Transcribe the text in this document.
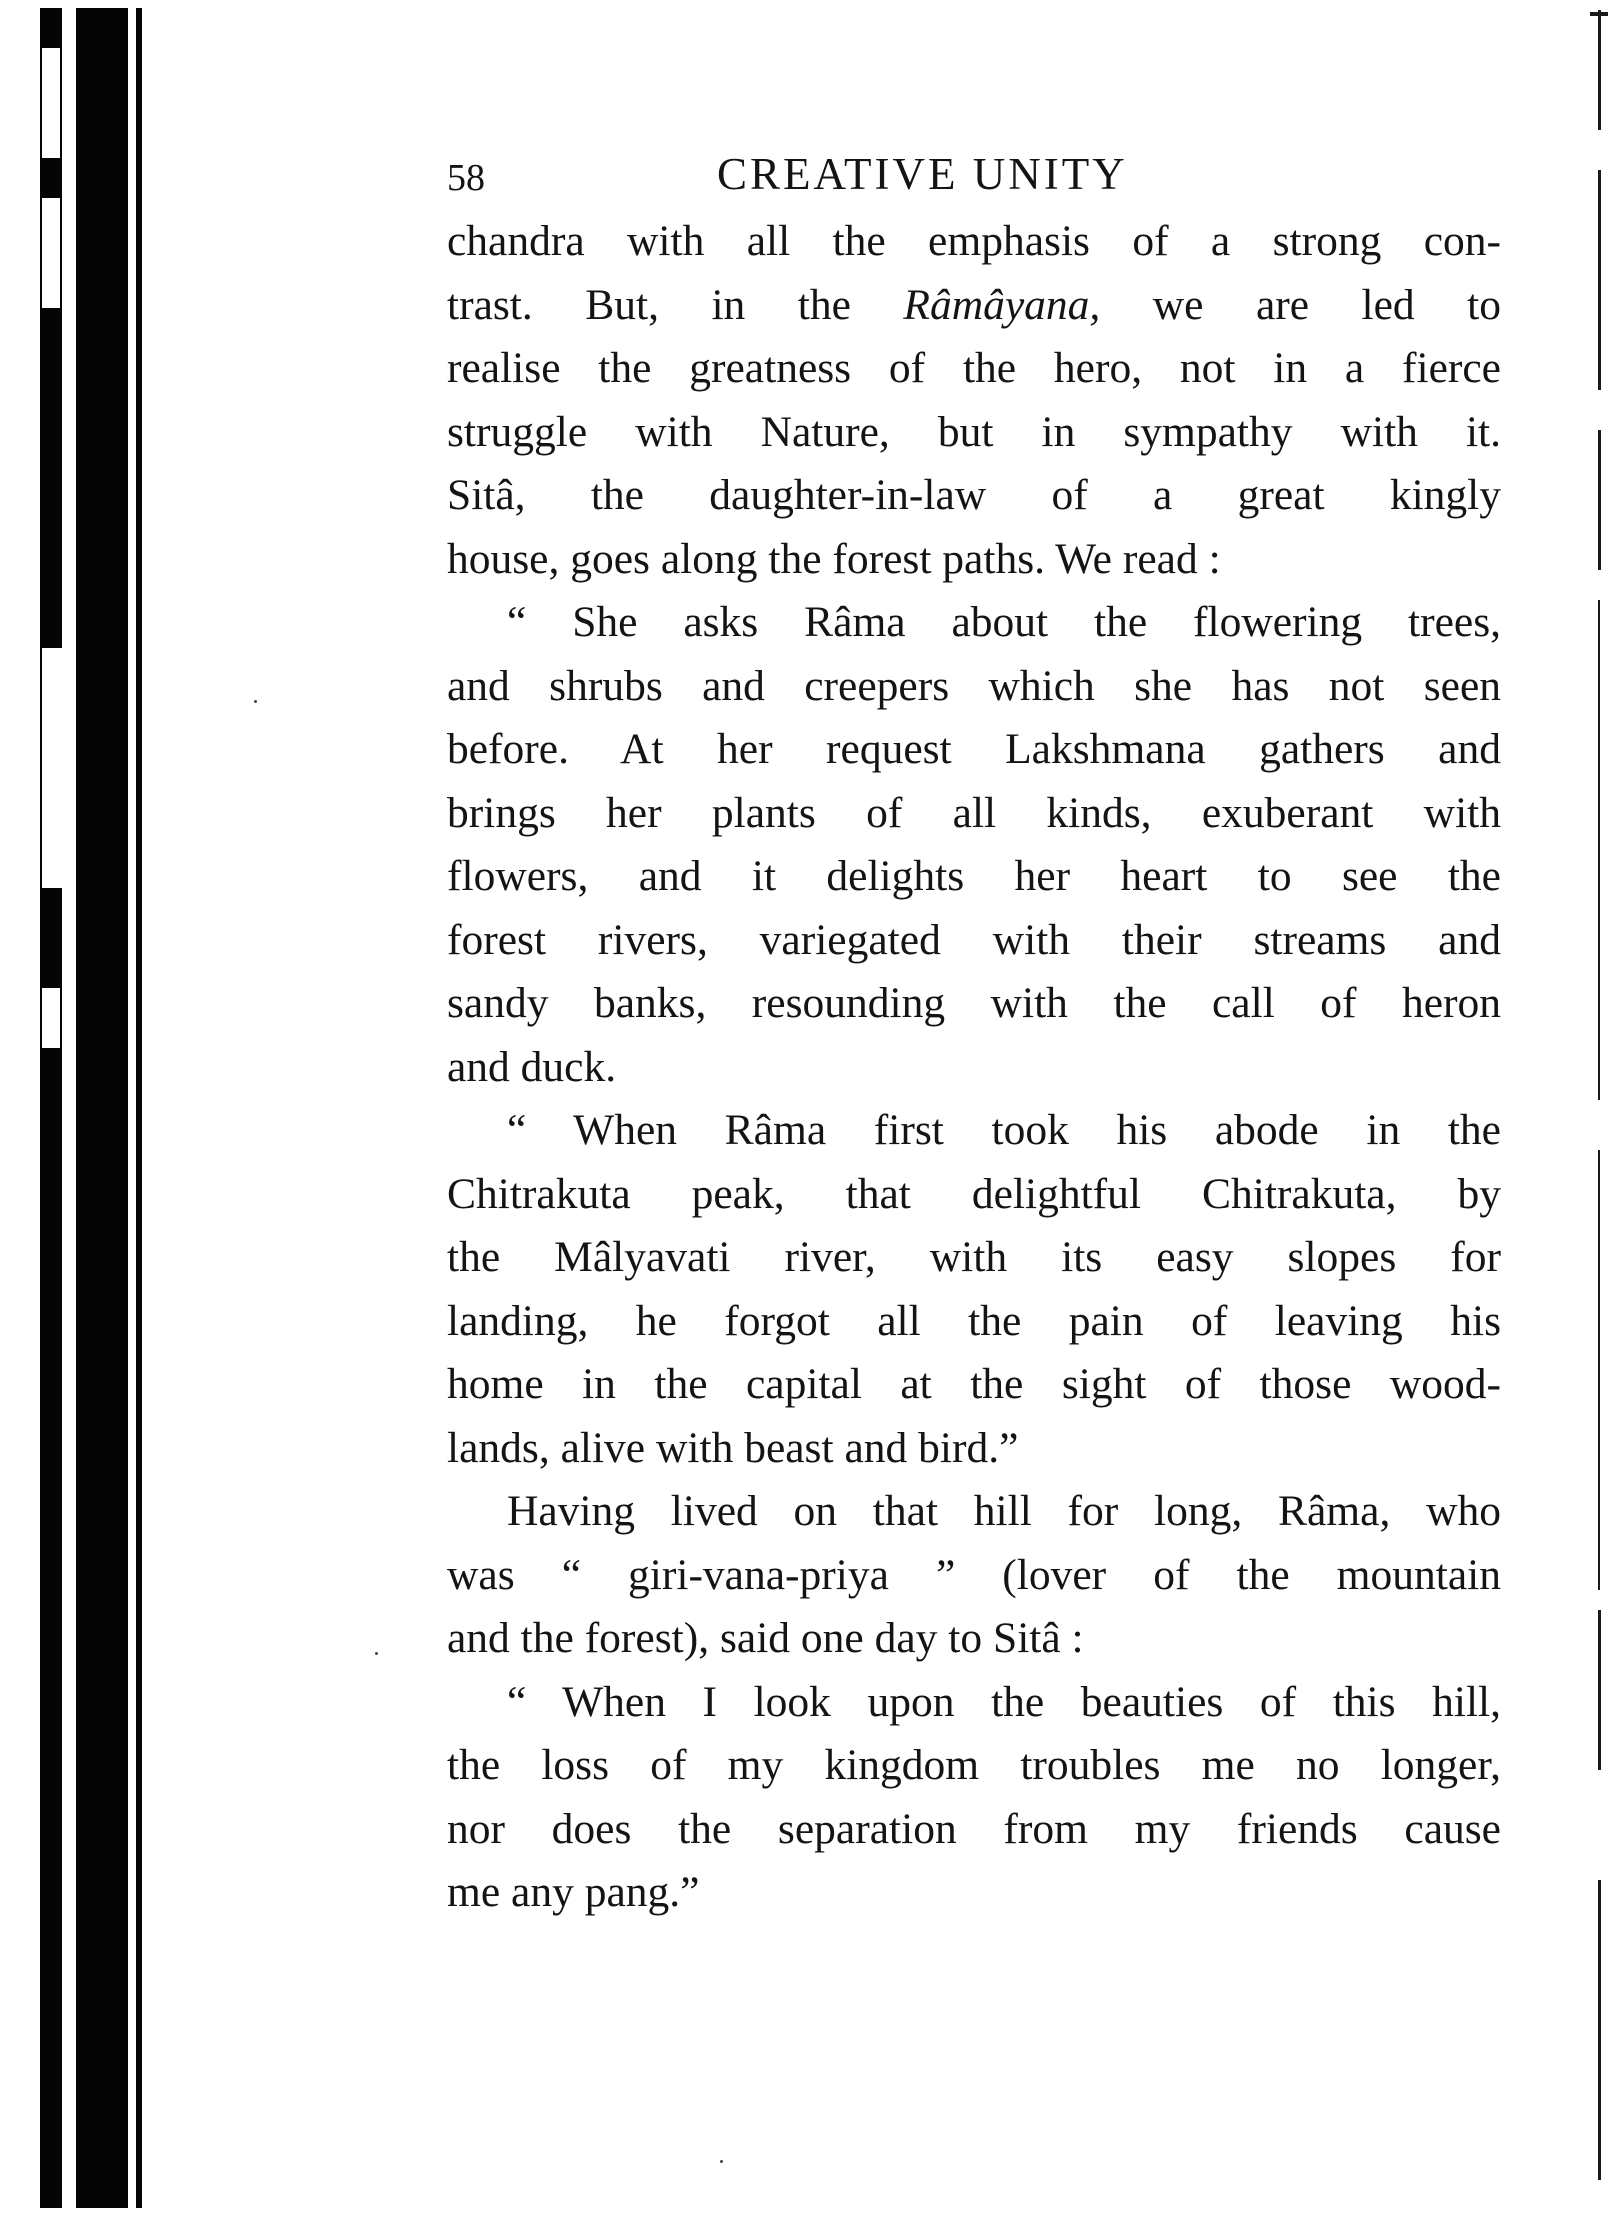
58	CREATIVE UNITY
chandra with all the emphasis of a strong con-
trast. But, in the Râmâyana, we are led to
realise the greatness of the hero, not in a fierce
struggle with Nature, but in sympathy with it.
Sitâ, the daughter-in-law of a great kingly
house, goes along the forest paths. We read :
“ She asks Râma about the flowering trees,
and shrubs and creepers which she has not seen
before. At her request Lakshmana gathers and
brings her plants of all kinds, exuberant with
flowers, and it delights her heart to see the
forest rivers, variegated with their streams and
sandy banks, resounding with the call of heron
and duck.
“ When Râma first took his abode in the
Chitrakuta peak, that delightful Chitrakuta, by
the Mâlyavati river, with its easy slopes for
landing, he forgot all the pain of leaving his
home in the capital at the sight of those wood-
lands, alive with beast and bird.”
Having lived on that hill for long, Râma, who
was “ giri-vana-priya ” (lover of the mountain
and the forest), said one day to Sitâ :
“ When I look upon the beauties of this hill,
the loss of my kingdom troubles me no longer,
nor does the separation from my friends cause
me any pang.”
